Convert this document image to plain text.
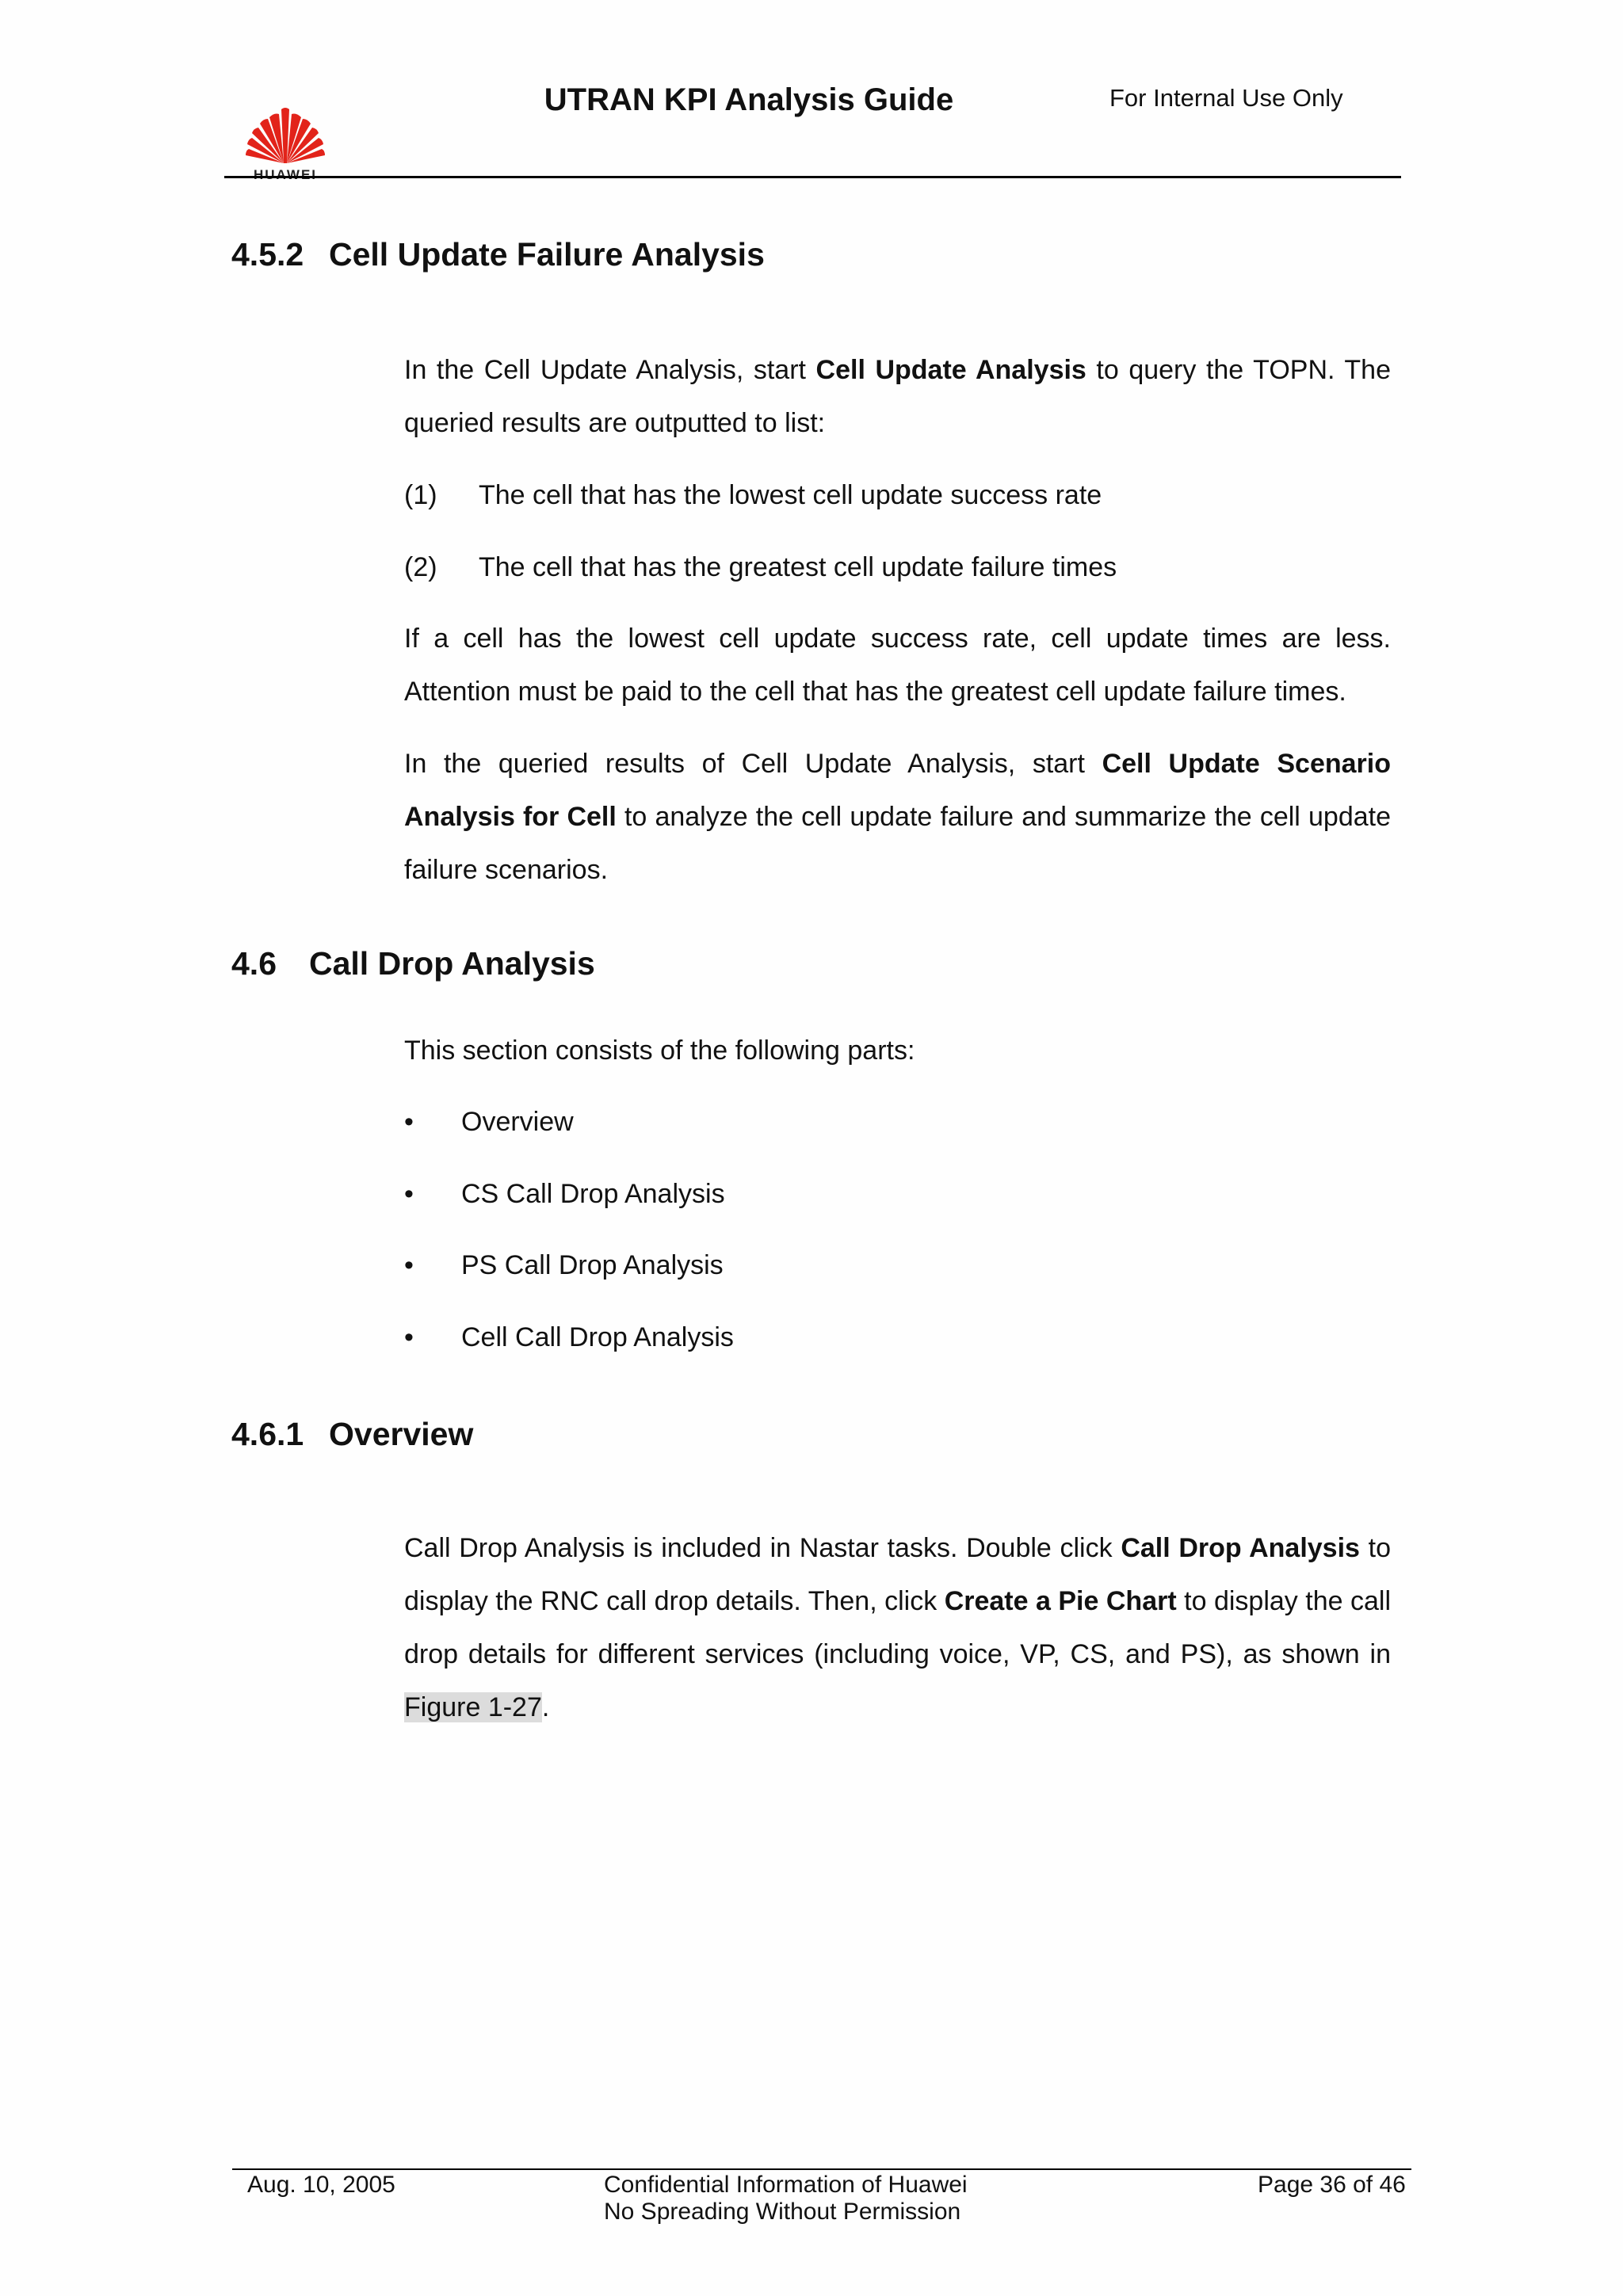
HUAWEI
UTRAN KPI Analysis Guide	For Internal Use Only
4.5.2 Cell Update Failure Analysis
In the Cell Update Analysis, start Cell Update Analysis to query the TOPN. The queried results are outputted to list:
(1) The cell that has the lowest cell update success rate
(2) The cell that has the greatest cell update failure times
If a cell has the lowest cell update success rate, cell update times are less. Attention must be paid to the cell that has the greatest cell update failure times.
In the queried results of Cell Update Analysis, start Cell Update Scenario Analysis for Cell to analyze the cell update failure and summarize the cell update failure scenarios.
4.6 Call Drop Analysis
This section consists of the following parts:
• Overview
• CS Call Drop Analysis
• PS Call Drop Analysis
• Cell Call Drop Analysis
4.6.1 Overview
Call Drop Analysis is included in Nastar tasks. Double click Call Drop Analysis to display the RNC call drop details. Then, click Create a Pie Chart to display the call drop details for different services (including voice, VP, CS, and PS), as shown in Figure 1-27.
Aug. 10, 2005	Confidential Information of Huawei
No Spreading Without Permission
Page 36 of 46
